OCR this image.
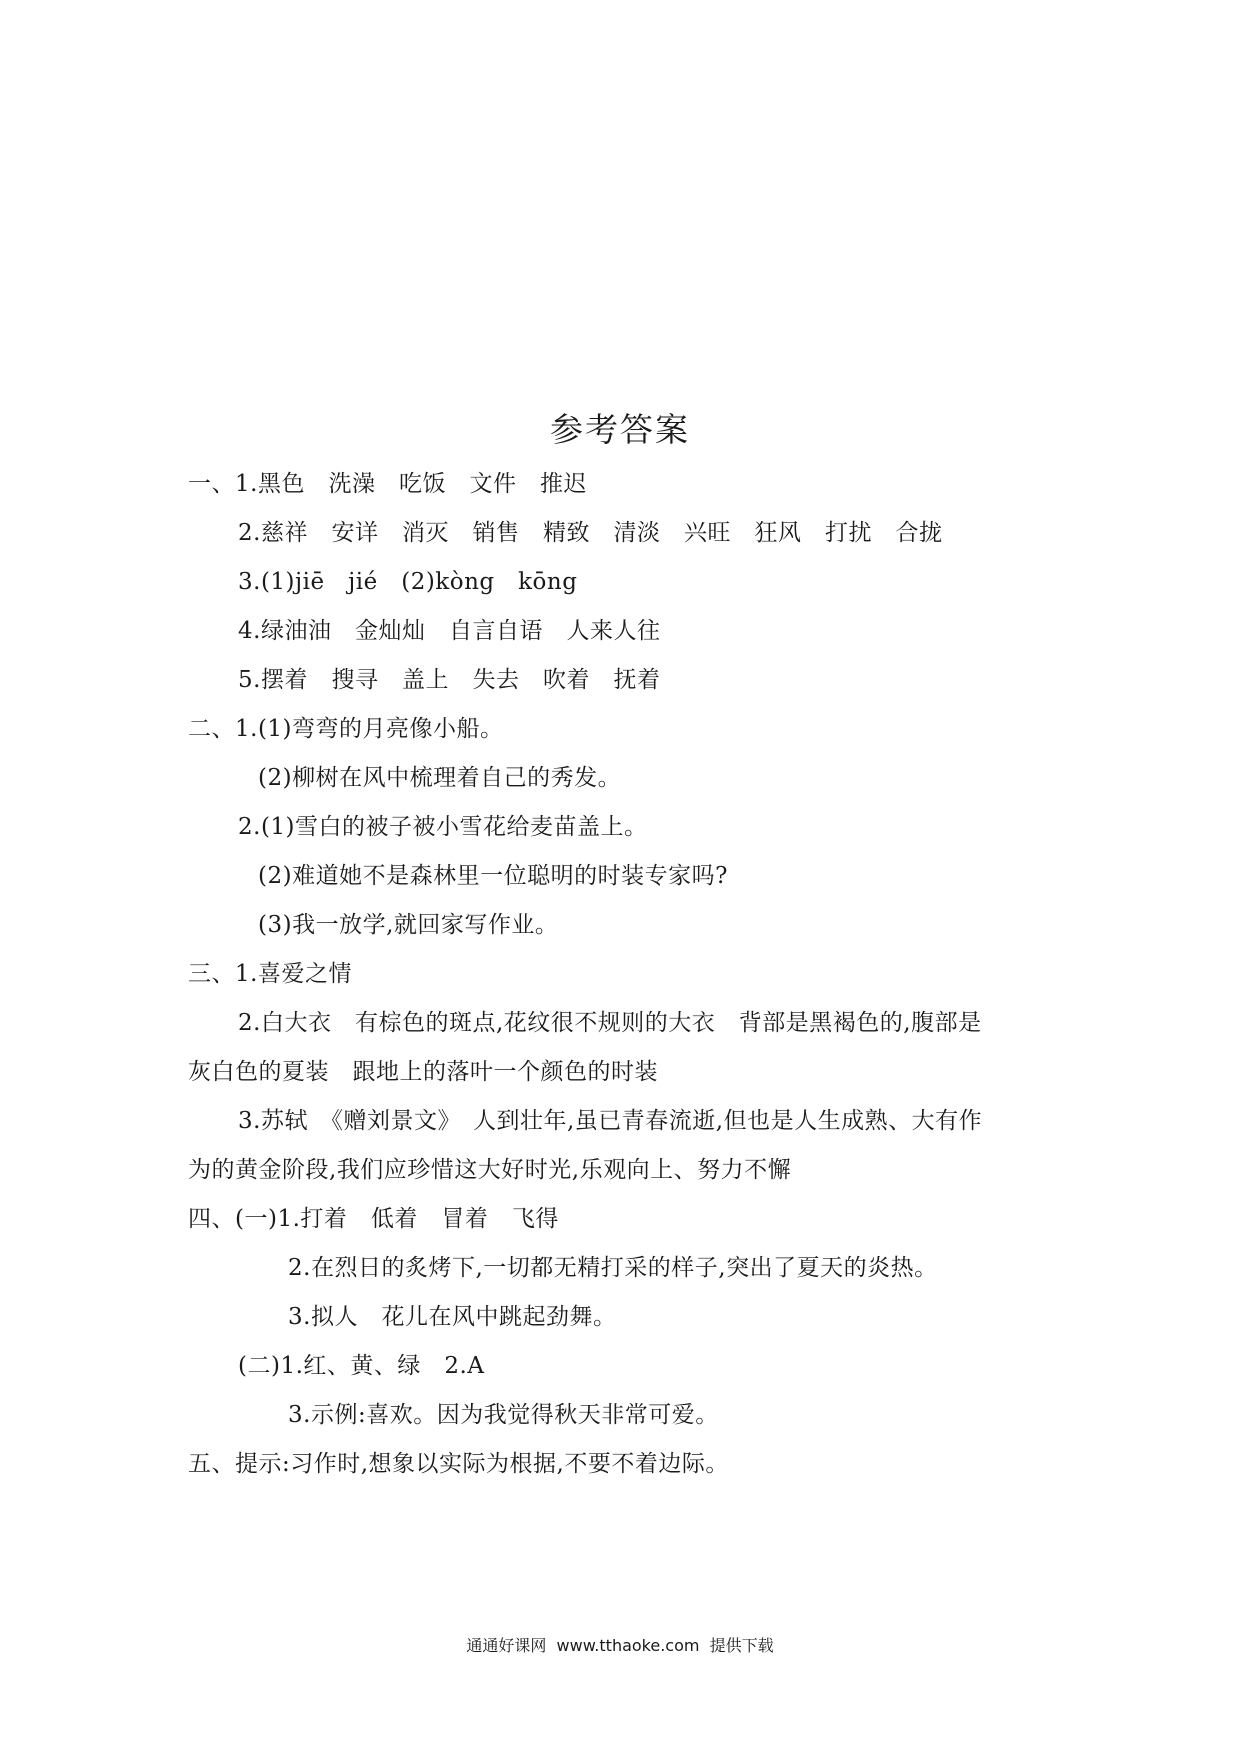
参考答案
一、1.黑色　洗澡　吃饭　文件　推迟
2.慈祥　安详　消灭　销售　精致　清淡　兴旺　狂风　打扰　合拢
3.(1)jiē　jié　(2)kòng　kōng
4.绿油油　金灿灿　自言自语　人来人往
5.摆着　搜寻　盖上　失去　吹着　抚着
二、1.(1)弯弯的月亮像小船。
(2)柳树在风中梳理着自己的秀发。
2.(1)雪白的被子被小雪花给麦苗盖上。
(2)难道她不是森林里一位聪明的时装专家吗?
(3)我一放学,就回家写作业。
三、1.喜爱之情
2.白大衣　有棕色的斑点,花纹很不规则的大衣　背部是黑褐色的,腹部是
灰白色的夏装　跟地上的落叶一个颜色的时装
3.苏轼　《赠刘景文》　人到壮年,虽已青春流逝,但也是人生成熟、大有作
为的黄金阶段,我们应珍惜这大好时光,乐观向上、努力不懈
四、(一)1.打着　低着　冒着　飞得
2.在烈日的炙烤下,一切都无精打采的样子,突出了夏天的炎热。
3.拟人　花儿在风中跳起劲舞。
(二)1.红、黄、绿　2.A
3.示例:喜欢。因为我觉得秋天非常可爱。
五、提示:习作时,想象以实际为根据,不要不着边际。
通通好课网  www.tthaoke.com  提供下载
